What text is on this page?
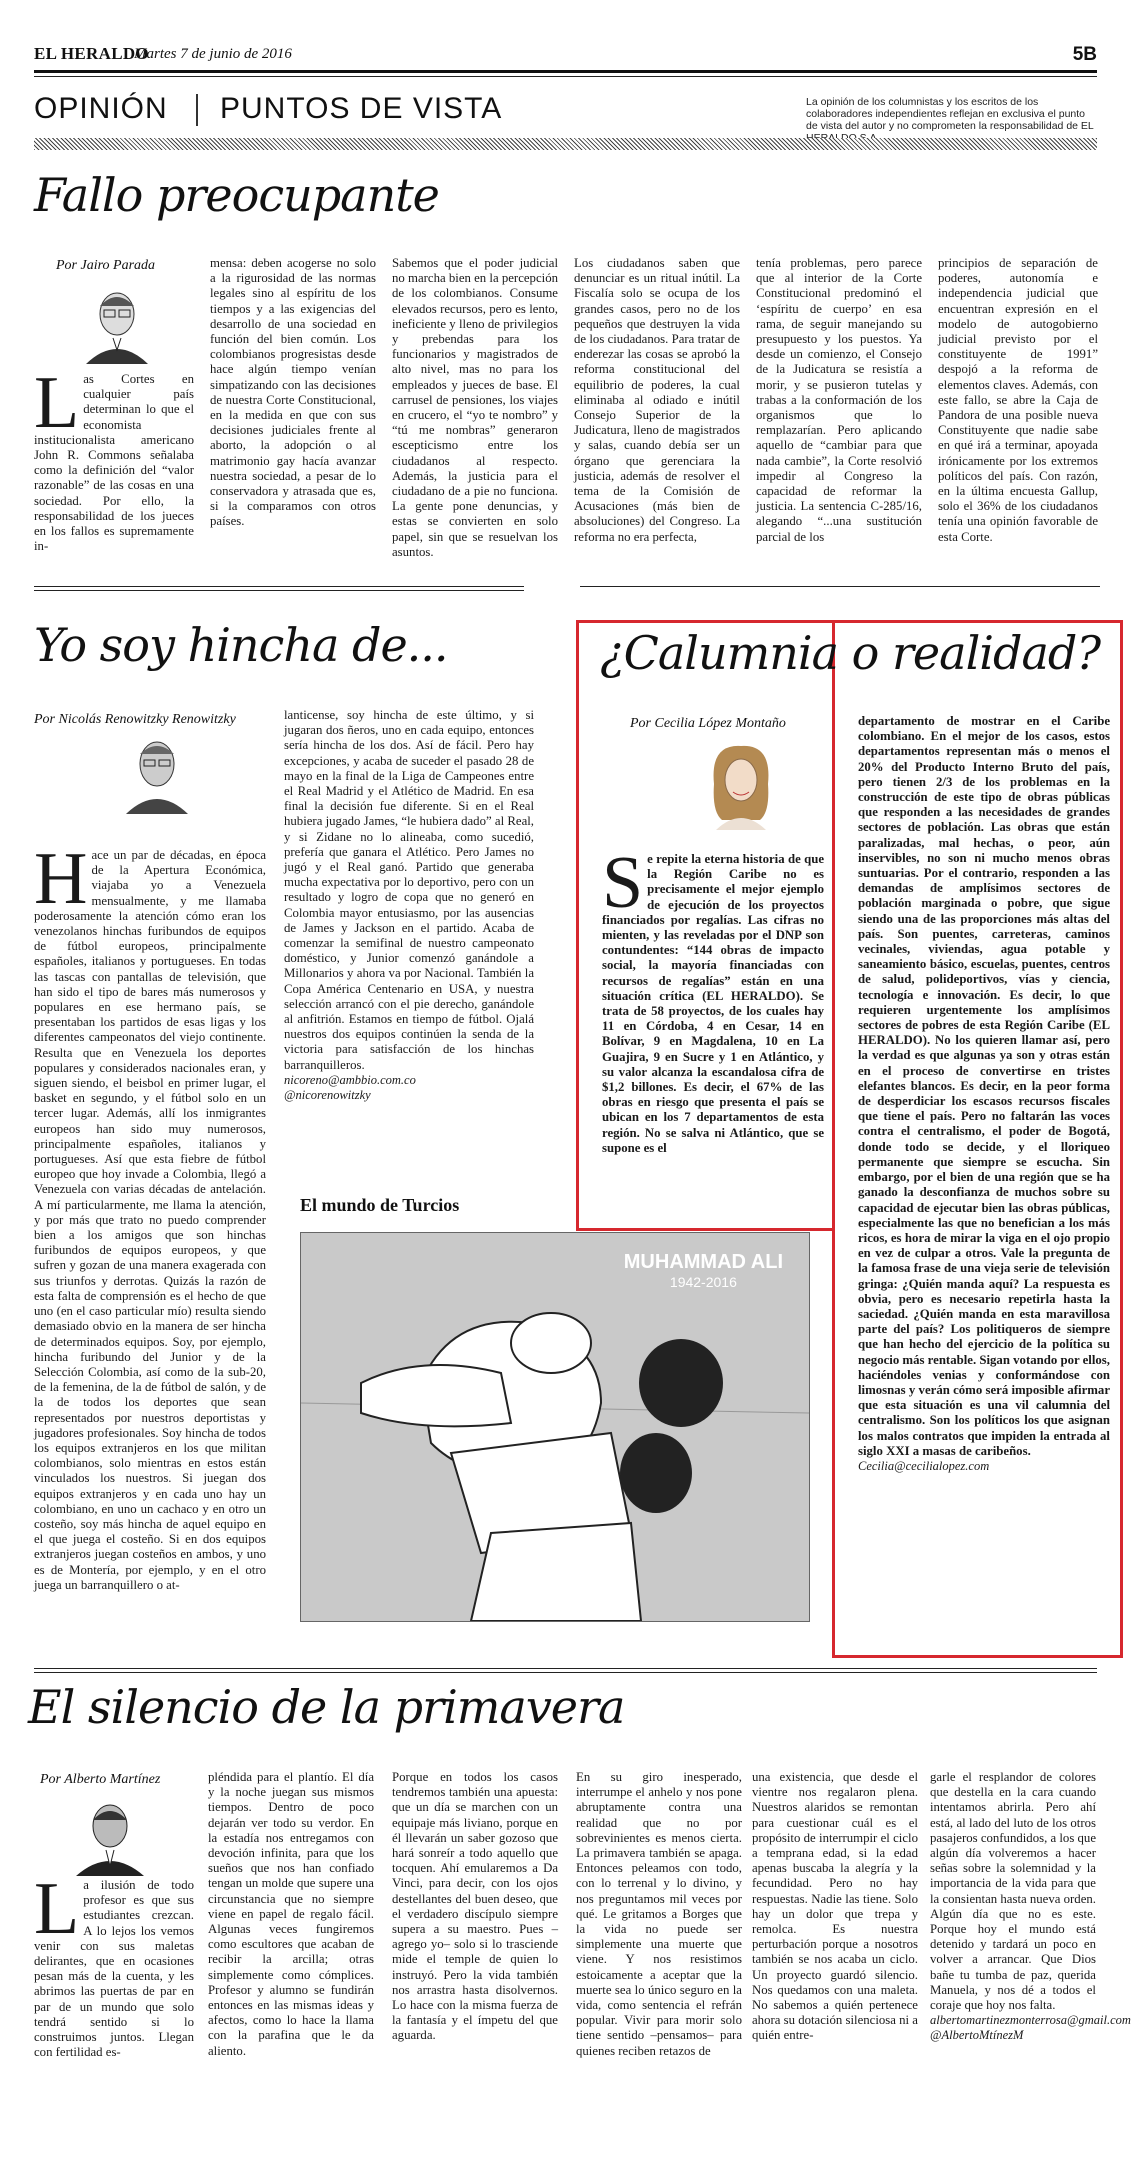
EL HERALDO
Martes 7 de junio de 2016	5B
OPINIÓN PUNTOS DE VISTA	La opinión de los columnistas y los escritos de los colaboradores independientes reflejan en exclusiva el punto de vista del autor y no comprometen la responsabilidad de EL
Fallo preocupante
Por Jairo Parada
Las Cortes en cualquier país determinan lo que el economista institucionalista americano John R. Commons señalaba como la definición del “valor razonable” de las cosas en una sociedad. Por ello, la responsabilidad de los jueces en los fallos es supremamente in-
mensa: deben acogerse no solo a la rigurosidad de las normas legales sino al espíritu de los tiempos y a las exigencias del desarrollo de una sociedad en función del bien común. Los colombianos progresistas desde hace algún tiempo venían simpatizando con las decisiones de nuestra Corte Constitucional, en la medida en que con sus decisiones judiciales frente al aborto, la adopción o al matrimonio gay hacía avanzar nuestra sociedad, a pesar de lo conservadora y atrasada que es, si la comparamos con otros países.
Sabemos que el poder judicial no marcha bien en la percepción de los colombianos. Consume elevados recursos, pero es lento, ineficiente y lleno de privilegios y prebendas para los funcionarios y magistrados de alto nivel, mas no para los empleados y jueces de base. El carrusel de pensiones, los viajes en crucero, el “yo te nombro” y “tú me nombras” generaron escepticismo entre los ciudadanos al respecto. Además, la justicia para el ciudadano de a pie no funciona. La gente pone denuncias, y estas se convierten en solo papel, sin que se resuelvan los asuntos.
Los ciudadanos saben que denunciar es un ritual inútil. La Fiscalía solo se ocupa de los grandes casos, pero no de los pequeños que destruyen la vida de los ciudadanos. Para tratar de enderezar las cosas se aprobó la reforma constitucional del equilibrio de poderes, la cual eliminaba al odiado e inútil Consejo Superior de la Judicatura, lleno de magistrados y salas, cuando debía ser un órgano que gerenciara la justicia, además de resolver el tema de la Comisión de Acusaciones (más bien de absoluciones) del Congreso. La reforma no era perfecta,
tenía problemas, pero parece que al interior de la Corte Constitucional predominó el ‘espíritu de cuerpo’ en esa rama, de seguir manejando su presupuesto y los puestos. Ya desde un comienzo, el Consejo de la Judicatura se resistía a morir, y se pusieron tutelas y trabas a la conformación de los organismos que lo remplazarían. Pero aplicando aquello de “cambiar para que nada cambie”, la Corte resolvió impedir al Congreso la capacidad de reformar la justicia. La sentencia C-285/16, alegando “...una sustitución parcial de los
principios de separación de poderes, autonomía e independencia judicial que encuentran expresión en el modelo de autogobierno judicial previsto por el constituyente de 1991” despojó a la reforma de elementos claves. Además, con este fallo, se abre la Caja de Pandora de una posible nueva Constituyente que nadie sabe en qué irá a terminar, apoyada irónicamente por los extremos políticos del país. Con razón, en la última encuesta Gallup, solo el 36% de los ciudadanos tenía una opinión favorable de esta Corte.
Yo soy hincha de...
Por Nicolás Renowitzky Renowitzky
Hace un par de décadas, en época de la Apertura Económica, viajaba yo a Venezuela mensualmente, y me llamaba poderosamente la atención cómo eran los venezolanos hinchas furibundos de equipos de fútbol europeos, principalmente españoles, italianos y portugueses. En todas las tascas con pantallas de televisión, que han sido el tipo de bares más numerosos y populares en ese hermano país, se presentaban los partidos de esas ligas y los diferentes campeonatos del viejo continente. Resulta que en Venezuela los deportes populares y considerados nacionales eran, y siguen siendo, el beisbol en primer lugar, el basket en segundo, y el fútbol solo en un tercer lugar. Además, allí los inmigrantes europeos han sido muy numerosos, principalmente españoles, italianos y portugueses. Así que esta fiebre de fútbol europeo que hoy invade a Colombia, llegó a Venezuela con varias décadas de antelación. A mí particularmente, me llama la atención, y por más que trato no puedo comprender bien a los amigos que son hinchas furibundos de equipos europeos, y que sufren y gozan de una manera exagerada con sus triunfos y derrotas. Quizás la razón de esta falta de comprensión es el hecho de que uno (en el caso particular mío) resulta siendo demasiado obvio en la manera de ser hincha de determinados equipos. Soy, por ejemplo, hincha furibundo del Junior y de la Selección Colombia, así como de la sub-20, de la femenina, de la de fútbol de salón, y de la de todos los deportes que sean representados por nuestros deportistas y jugadores profesionales. Soy hincha de todos los equipos extranjeros en los que militan colombianos, solo mientras en estos están vinculados los nuestros. Si juegan dos equipos extranjeros y en cada uno hay un colombiano, en uno un cachaco y en otro un costeño, soy más hincha de aquel equipo en el que juega el costeño. Si en dos equipos extranjeros juegan costeños en ambos, y uno es de Montería, por ejemplo, y en el otro juega un barranquillero o at-
lanticense, soy hincha de este último, y si jugaran dos ñeros, uno en cada equipo, entonces sería hincha de los dos. Así de fácil. Pero hay excepciones, y acaba de suceder el pasado 28 de mayo en la final de la Liga de Campeones entre el Real Madrid y el Atlético de Madrid. En esa final la decisión fue diferente. Si en el Real hubiera jugado James, “le hubiera dado” al Real, y si Zidane no lo alineaba, como sucedió, prefería que ganara el Atlético. Pero James no jugó y el Real ganó. Partido que generaba mucha expectativa por lo deportivo, pero con un resultado y logro de copa que no generó en Colombia mayor entusiasmo, por las ausencias de James y Jackson en el partido. Acaba de comenzar la semifinal de nuestro campeonato doméstico, y Junior comenzó ganándole a Millonarios y ahora va por Nacional. También la Copa América Centenario en USA, y nuestra selección arrancó con el pie derecho, ganándole al anfitrión. Estamos en tiempo de fútbol. Ojalá nuestros dos equipos continúen la senda de la victoria para satisfacción de los hinchas barranquilleros.
nicoreno@ambbio.com.co
@nicorenowitzky
¿Calumnia o realidad?
Por Cecilia López Montaño
Se repite la eterna historia de que la Región Caribe no es precisamente el mejor ejemplo de ejecución de los proyectos financiados por regalías. Las cifras no mienten, y las reveladas por el DNP son contundentes: “144 obras de impacto social, la mayoría financiadas con recursos de regalías” están en una situación crítica (EL HERALDO). Se trata de 58 proyectos, de los cuales hay 11 en Córdoba, 4 en Cesar, 14 en Bolívar, 9 en Magdalena, 10 en La Guajira, 9 en Sucre y 1 en Atlántico, y su valor alcanza la escandalosa cifra de $1,2 billones. Es decir, el 67% de las obras en riesgo que presenta el país se ubican en los 7 departamentos de esta región. No se salva ni Atlántico, que se supone es el
departamento de mostrar en el Caribe colombiano. En el mejor de los casos, estos departamentos representan más o menos el 20% del Producto Interno Bruto del país, pero tienen 2/3 de los problemas en la construcción de este tipo de obras públicas que responden a las necesidades de grandes sectores de población. Las obras que están paralizadas, mal hechas, o peor, aún inservibles, no son ni mucho menos obras suntuarias. Por el contrario, responden a las demandas de amplísimos sectores de población marginada o pobre, que sigue siendo una de las proporciones más altas del país. Son puentes, carreteras, caminos vecinales, viviendas, agua potable y saneamiento básico, escuelas, puentes, centros de salud, polideportivos, vías y ciencia, tecnología e innovación. Es decir, lo que requieren urgentemente los amplísimos sectores de pobres de esta Región Caribe (EL HERALDO). No los quieren llamar así, pero la verdad es que algunas ya son y otras están en el proceso de convertirse en tristes elefantes blancos. Es decir, en la peor forma de desperdiciar los escasos recursos fiscales que tiene el país. Pero no faltarán las voces contra el centralismo, el poder de Bogotá, donde todo se decide, y el lloriqueo permanente que siempre se escucha. Sin embargo, por el bien de una región que se ha ganado la desconfianza de muchos sobre su capacidad de ejecutar bien las obras públicas, especialmente las que no benefician a los más ricos, es hora de mirar la viga en el ojo propio en vez de culpar a otros. Vale la pregunta de la famosa frase de una vieja serie de televisión gringa: ¿Quién manda aquí? La respuesta es obvia, pero es necesario repetirla hasta la saciedad. ¿Quién manda en esta maravillosa parte del país? Los politiqueros de siempre que han hecho del ejercicio de la política su negocio más rentable. Sigan votando por ellos, haciéndoles venias y conformándose con limosnas y verán cómo será imposible afirmar que esta situación es una vil calumnia del centralismo. Son los políticos los que asignan los malos contratos que impiden la entrada al siglo XXI a masas de caribeños.
Cecilia@cecilialopez.com
El mundo de Turcios
MUHAMMAD ALI
1942-2016
El silencio de la primavera
Por Alberto Martínez
La ilusión de todo profesor es que sus estudiantes crezcan. A lo lejos los vemos venir con sus maletas delirantes, que en ocasiones pesan más de la cuenta, y les abrimos las puertas de par en par de un mundo que solo tendrá sentido si lo construimos juntos. Llegan con fertilidad es-
pléndida para el plantío. El día y la noche juegan sus mismos tiempos. Dentro de poco dejarán ver todo su verdor. En la estadía nos entregamos con devoción infinita, para que los sueños que nos han confiado tengan un molde que supere una circunstancia que no siempre viene en papel de regalo fácil. Algunas veces fungiremos como escultores que acaban de recibir la arcilla; otras simplemente como cómplices. Profesor y alumno se fundirán entonces en las mismas ideas y afectos, como lo hace la llama con la parafina que le da aliento.
Porque en todos los casos tendremos también una apuesta: que un día se marchen con un equipaje más liviano, porque en él llevarán un saber gozoso que hará sonreír a todo aquello que tocquen. Ahí emularemos a Da Vinci, para decir, con los ojos destellantes del buen deseo, que el verdadero discípulo siempre supera a su maestro. Pues –agrego yo– solo si lo trasciende mide el temple de quien lo instruyó. Pero la vida también nos arrastra hasta disolvernos. Lo hace con la misma fuerza de la fantasía y el ímpetu del que aguarda.
En su giro inesperado, interrumpe el anhelo y nos pone abruptamente contra una realidad que no por sobrevinientes es menos cierta. La primavera también se apaga. Entonces peleamos con todo, con lo terrenal y lo divino, y nos preguntamos mil veces por qué. Le gritamos a Borges que la vida no puede ser simplemente una muerte que viene. Y nos resistimos estoicamente a aceptar que la muerte sea lo único seguro en la vida, como sentencia el refrán popular. Vivir para morir solo tiene sentido –pensamos– para quienes reciben retazos de
una existencia, que desde el vientre nos regalaron plena. Nuestros alaridos se remontan para cuestionar cuál es el propósito de interrumpir el ciclo a temprana edad, si la edad apenas buscaba la alegría y la fecundidad. Pero no hay respuestas. Nadie las tiene. Solo hay un dolor que trepa y remolca. Es nuestra perturbación porque a nosotros también se nos acaba un ciclo. Un proyecto guardó silencio. Nos quedamos con una maleta. No sabemos a quién pertenece ahora su dotación silenciosa ni a quién entre-
garle el resplandor de colores que destella en la cara cuando intentamos abrirla. Pero ahí está, al lado del luto de los otros pasajeros confundidos, a los que algún día volveremos a hacer señas sobre la solemnidad y la importancia de la vida para que la consientan hasta nueva orden. Algún día que no es este. Porque hoy el mundo está detenido y tardará un poco en volver a arrancar. Que Dios bañe tu tumba de paz, querida Manuela, y nos dé a todos el coraje que hoy nos falta.
albertomartinezmonterrosa@gmail.com
@AlbertoMtínezM
